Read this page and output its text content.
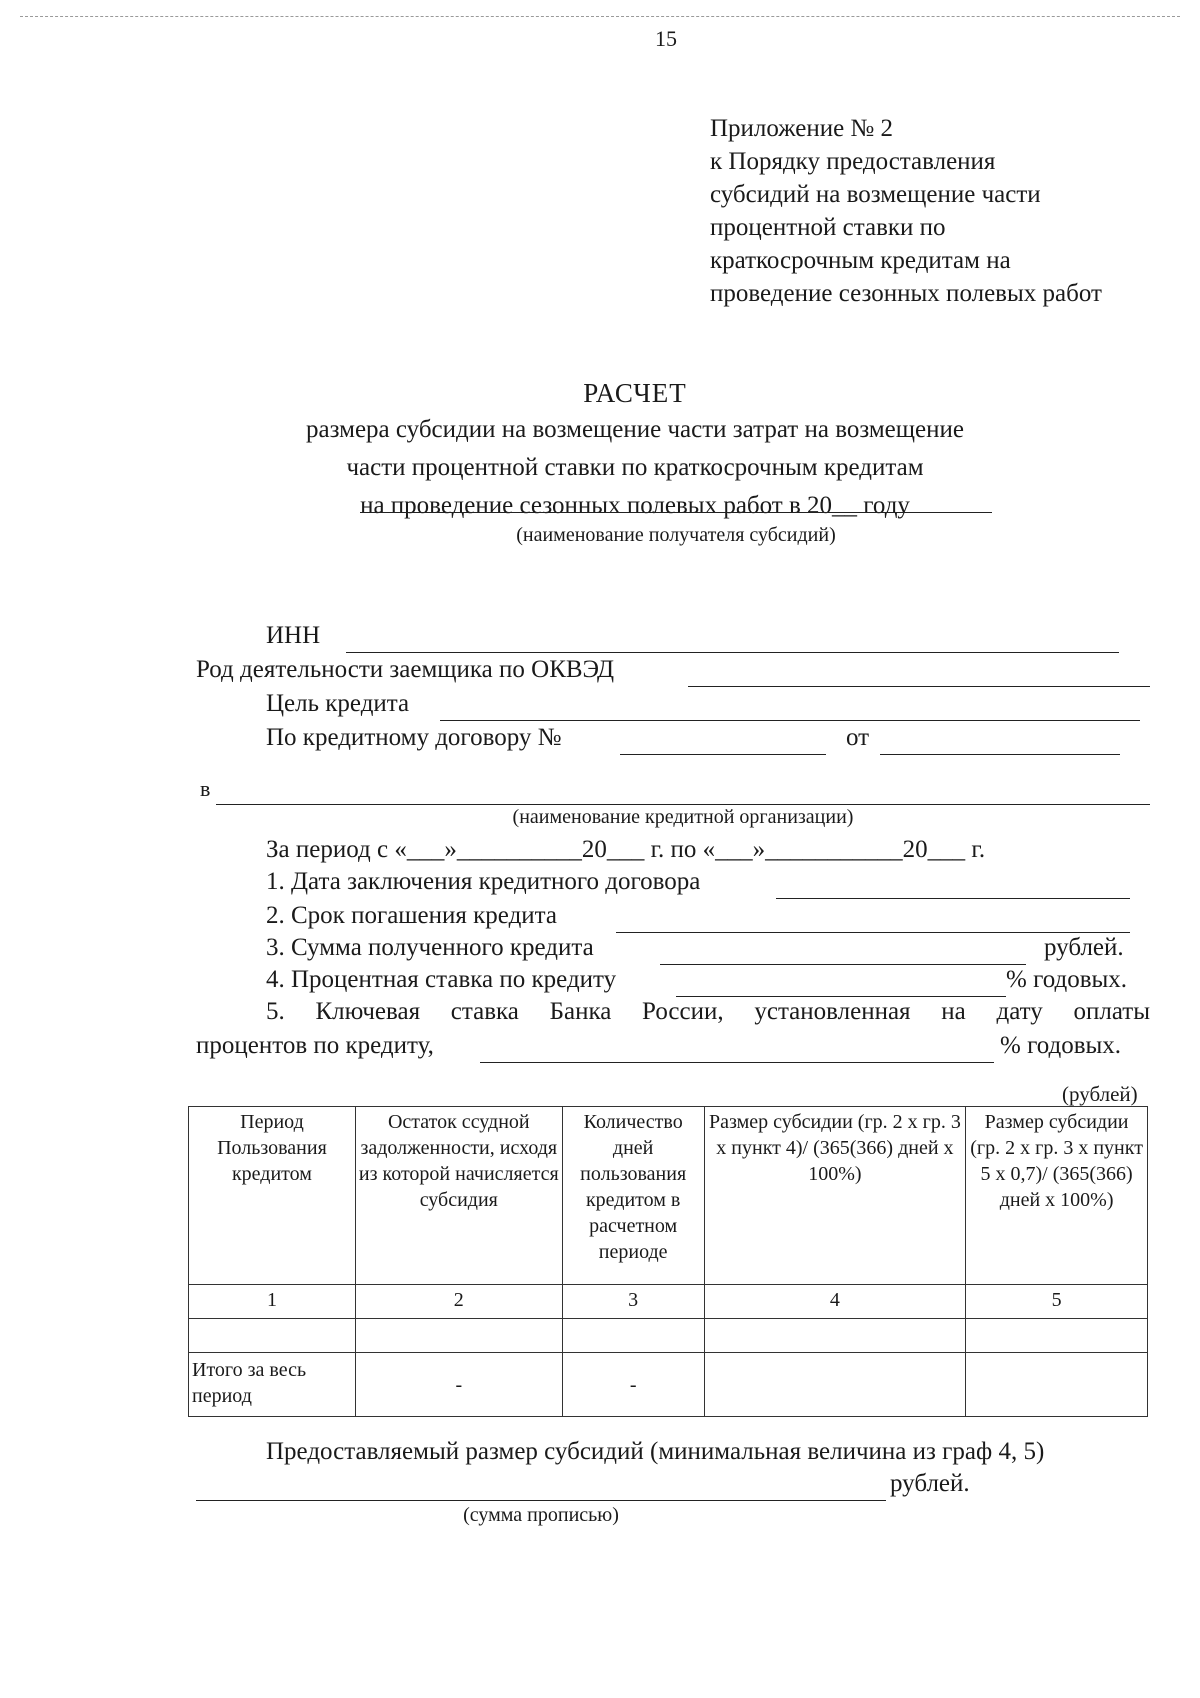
15
Приложение № 2
к Порядку предоставления
субсидий на возмещение части
процентной ставки по
краткосрочным кредитам на
проведение сезонных полевых работ
РАСЧЕТ
размера субсидии на возмещение части затрат на возмещение
части процентной ставки по краткосрочным кредитам
на проведение сезонных полевых работ в 20__ году
(наименование получателя субсидий)
ИНН
Род деятельности заемщика по ОКВЭД
Цель кредита
По кредитному договору №	от
в
(наименование кредитной организации)
За период с «___»__________20___ г. по «___»___________20___ г.
1. Дата заключения кредитного договора
2. Срок погашения кредита
3. Сумма полученного кредита	рублей.
4. Процентная ставка по кредиту	% годовых.
5. Ключевая ставка Банка России, установленная на дату оплаты
процентов по кредиту,	% годовых.
(рублей)
Период Пользования кредитом	Остаток ссудной задолженности, исходя из которой начисляется субсидия	Количество дней пользования кредитом в расчетном периоде	Размер субсидии (гр. 2 х гр. 3 х пункт 4)/ (365(366) дней х 100%)	Размер субсидии (гр. 2 х гр. 3 х пункт 5 х 0,7)/ (365(366) дней х 100%)
1	2	3	4	5

Итого за весь период	-	-		
Предоставляемый размер субсидий (минимальная величина из граф 4, 5)
рублей.
(сумма прописью)
